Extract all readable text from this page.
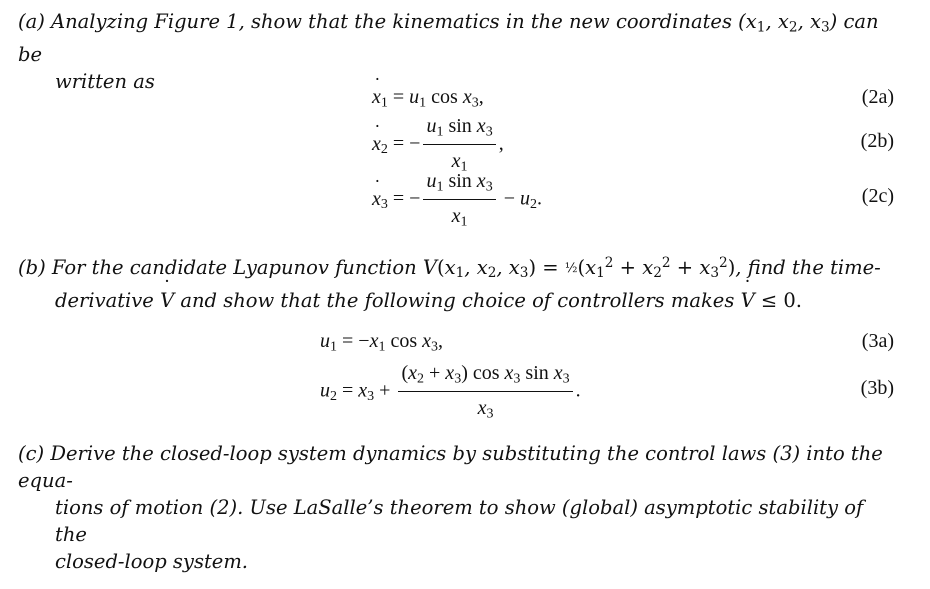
(a) Analyzing Figure 1, show that the kinematics in the new coordinates ($x_1$, $x_2$, $x_3$) can be
written as
˙ $x_1 = u_1$ $\cos x_3$,	(2a)
˙ $x_2$ = − $\frac{u_1 \sin x_3}{x_1}$ ,	(2b)
˙ $x_3$ = − $\frac{u_1 \sin x_3}{x_1} - u_2$.	(2c)
(b) For the candidate Lyapunov function $V(x_1$, $x_2$, $x_3$) = $\frac{1}{2}(x_1^2 + x_2^2 + x_3^2)$, find the time-
derivative ˙ V and show that the following choice of controllers makes ˙ V ≤ 0.
$u_1 = -x_1$ $\cos x_3$,	(3a)
$u_2 = x_3 + \frac{(x_2 + x_3) \cos x_3 \sin x_3}{x_3}$ .	(3b)
(c) Derive the closed-loop system dynamics by substituting the control laws (3) into the equa-
tions of motion (2). Use LaSalle’s theorem to show (global) asymptotic stability of the
closed-loop system.
